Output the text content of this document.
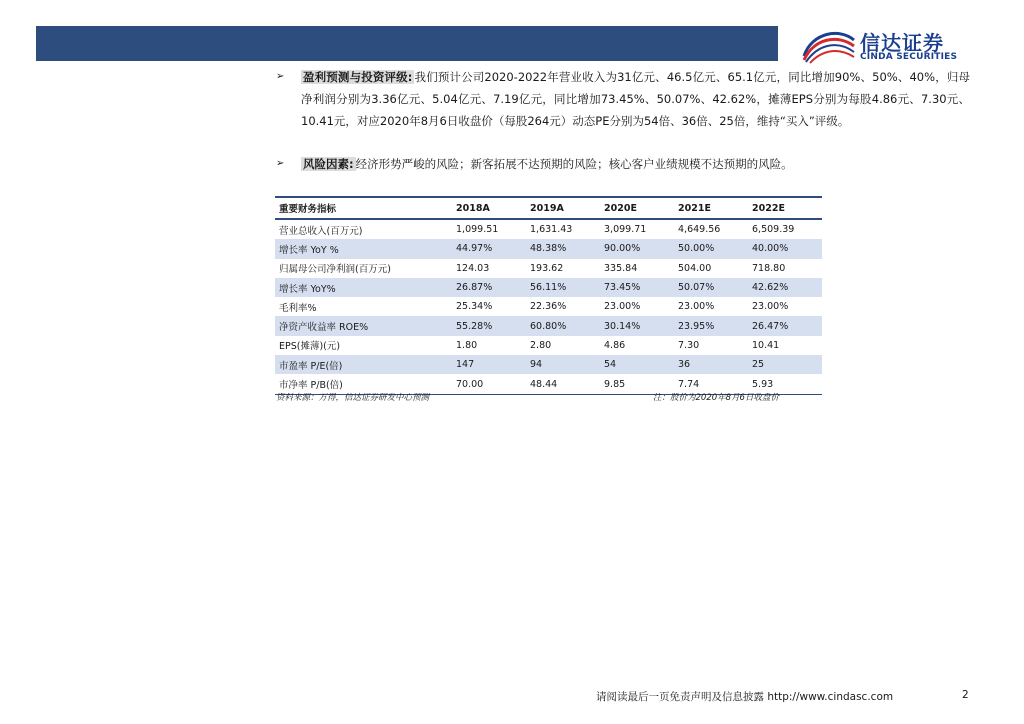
信达证券
CINDA SECURITIES
➢ 盈利预测与投资评级: 我们预计公司2020-2022年营业收入为31亿元、46.5亿元、65.1亿元，同比增加90%、50%、40%，归母净利润分别为3.36亿元、5.04亿元、7.19亿元，同比增加73.45%、50.07%、42.62%，摊薄EPS分别为每股4.86元、7.30元、10.41元，对应2020年8月6日收盘价（每股264元）动态PE分别为54倍、36倍、25倍，维持“买入”评级。
➢ 风险因素: 经济形势严峻的风险；新客拓展不达预期的风险；核心客户业绩规模不达预期的风险。
重要财务指标	2018A	2019A	2020E	2021E	2022E
营业总收入(百万元)	1,099.51	1,631.43	3,099.71	4,649.56	6,509.39
增长率 YoY %	44.97%	48.38%	90.00%	50.00%	40.00%
归属母公司净利润(百万元)	124.03	193.62	335.84	504.00	718.80
增长率 YoY%	26.87%	56.11%	73.45%	50.07%	42.62%
毛利率%	25.34%	22.36%	23.00%	23.00%	23.00%
净资产收益率 ROE%	55.28%	60.80%	30.14%	23.95%	26.47%
EPS(摊薄)(元)	1.80	2.80	4.86	7.30	10.41
市盈率 P/E(倍)	147	94	54	36	25
市净率 P/B(倍)	70.00	48.44	9.85	7.74	5.93
资料来源：万得，信达证券研发中心预测	注：股价为2020年8月6日收盘价
请阅读最后一页免责声明及信息披露 http://www.cindasc.com	2
